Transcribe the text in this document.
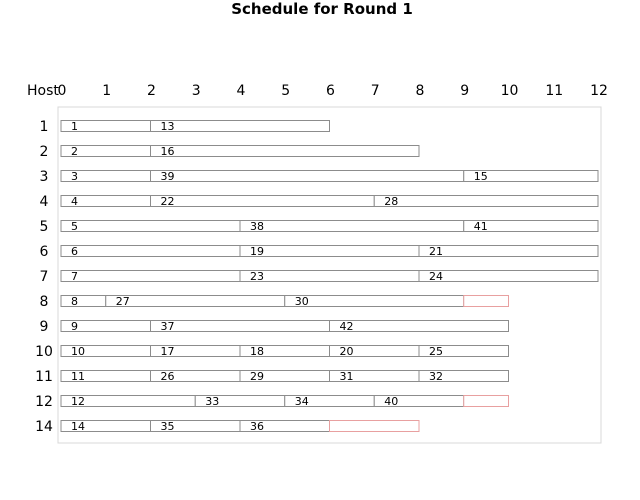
Schedule for Round 1
Host
0	1	2	3	4	5	6	7	8	9 10 11 12
1 1	13
2 2	16
3 3	39	15
4 4	22	28
5 5	38	41
6 6	19	21
7 7	23	24
8 8	27	30
9 9	37	42
10 10	17	18	20	25
11 11	26	29	31	32
12 12	33	34	40
14 14	35	36
